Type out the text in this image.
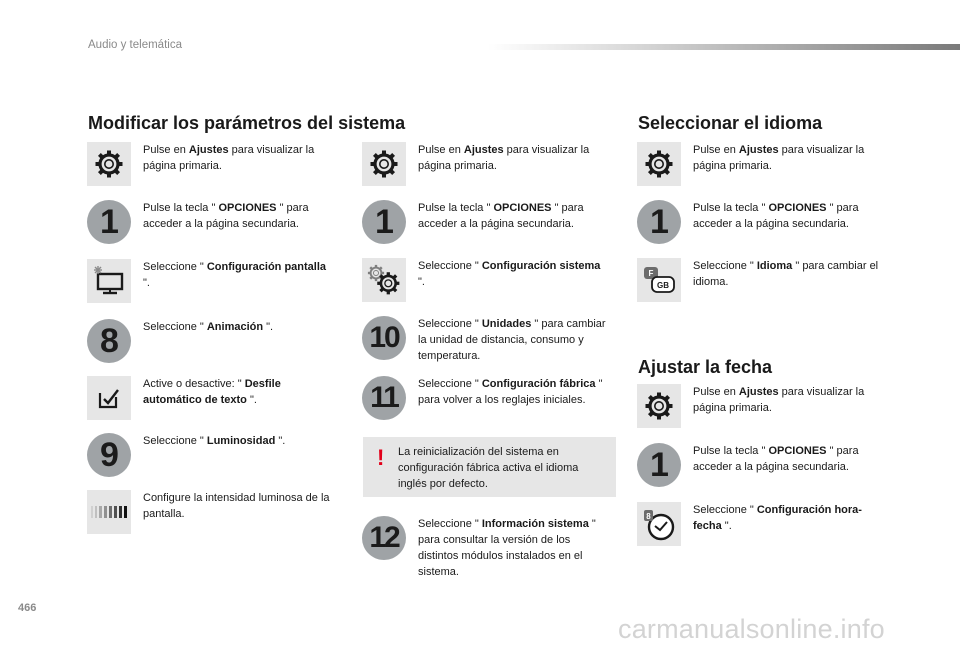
Audio y telemática
Modificar los parámetros del sistema	Seleccionar el idioma
Ajustar la fecha
Pulse en Ajustes para visualizar la página primaria.
1	Pulse la tecla " OPCIONES " para acceder a la página secundaria.
Seleccione " Configuración pantalla ".
8	Seleccione " Animación ".
Active o desactive: " Desfile automático de texto ".
9	Seleccione " Luminosidad ".
Configure la intensidad luminosa de la pantalla.
Pulse en Ajustes para visualizar la página primaria.
1	Pulse la tecla " OPCIONES " para acceder a la página secundaria.
Seleccione " Configuración sistema ".
10	Seleccione " Unidades " para cambiar la unidad de distancia, consumo y temperatura.
11	Seleccione " Configuración fábrica " para volver a los reglajes iniciales.
! La reinicialización del sistema en configuración fábrica activa el idioma inglés por defecto.
12	Seleccione " Información sistema " para consultar la versión de los distintos módulos instalados en el sistema.
Pulse en Ajustes para visualizar la página primaria.
1	Pulse la tecla " OPCIONES " para acceder a la página secundaria.
F
GB
Seleccione " Idioma " para cambiar el idioma.
Pulse en Ajustes para visualizar la página primaria.
1	Pulse la tecla " OPCIONES " para acceder a la página secundaria.
8
Seleccione " Configuración hora-fecha ".
466
carmanualsonline.info
